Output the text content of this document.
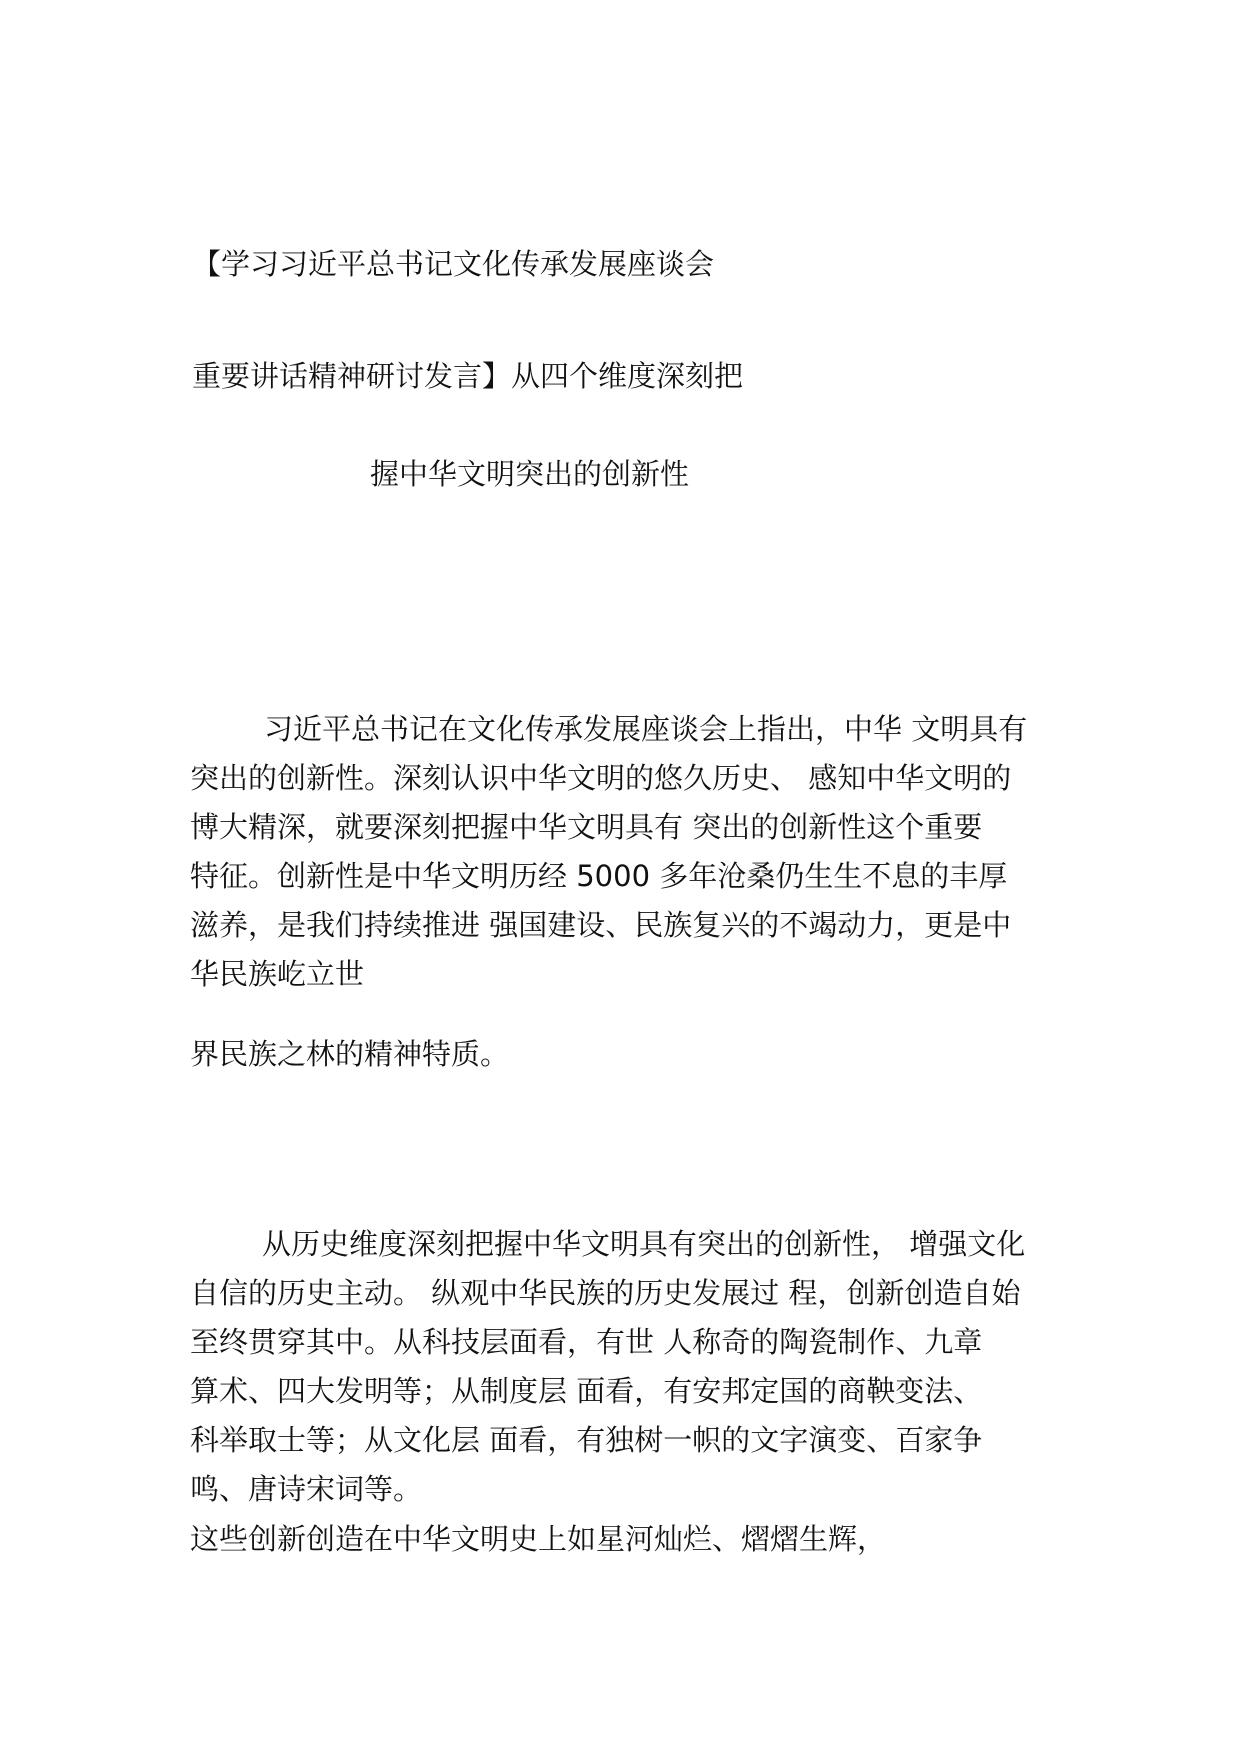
【学习习近平总书记文化传承发展座谈会
重要讲话精神研讨发言】从四个维度深刻把
握中华文明突出的创新性

习近平总书记在文化传承发展座谈会上指出，中华 文明具有
突出的创新性。深刻认识中华文明的悠久历史、 感知中华文明的
博大精深，就要深刻把握中华文明具有 突出的创新性这个重要
特征。创新性是中华文明历经 5000 多年沧桑仍生生不息的丰厚
滋养，是我们持续推进 强国建设、民族复兴的不竭动力，更是中
华民族屹立世

界民族之林的精神特质。

从历史维度深刻把握中华文明具有突出的创新性， 增强文化
自信的历史主动。 纵观中华民族的历史发展过 程，创新创造自始
至终贯穿其中。从科技层面看，有世 人称奇的陶瓷制作、九章
算术、四大发明等；从制度层 面看，有安邦定国的商鞅变法、
科举取士等；从文化层 面看，有独树一帜的文字演变、百家争
鸣、唐诗宋词等。

这些创新创造在中华文明史上如星河灿烂、熠熠生辉，
